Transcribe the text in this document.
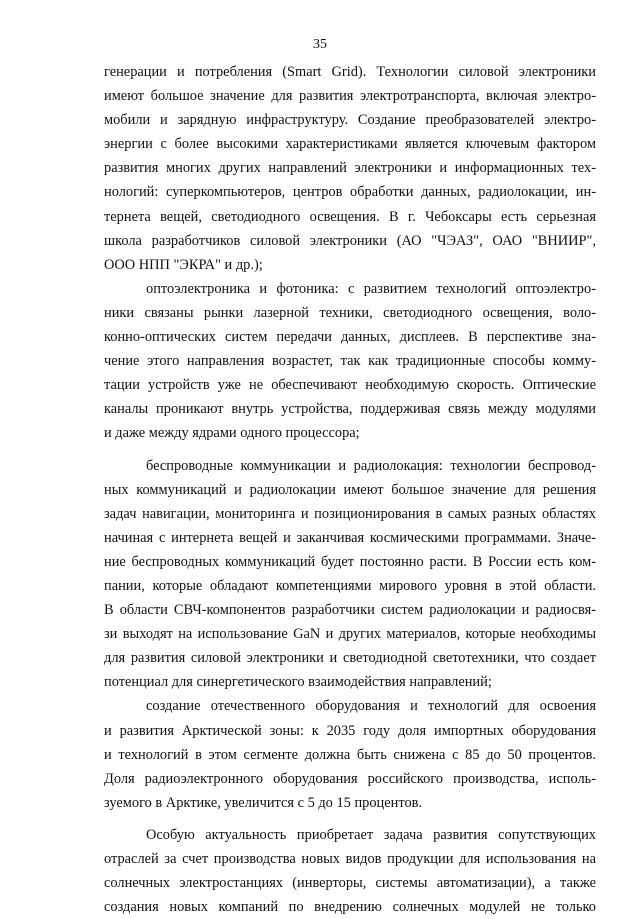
35
генерации и потребления (Smart Grid). Технологии силовой электроники
имеют большое значение для развития электротранспорта, включая электро-
мобили и зарядную инфраструктуру. Создание преобразователей электро-
энергии с более высокими характеристиками является ключевым фактором
развития многих других направлений электроники и информационных тех-
нологий: суперкомпьютеров, центров обработки данных, радиолокации, ин-
тернета вещей, светодиодного освещения. В г. Чебоксары есть серьезная
школа разработчиков силовой электроники (АО "ЧЭАЗ", ОАО "ВНИИР",
ООО НПП "ЭКРА" и др.);
оптоэлектроника и фотоника: с развитием технологий оптоэлектро-
ники связаны рынки лазерной техники, светодиодного освещения, воло-
конно-оптических систем передачи данных, дисплеев. В перспективе зна-
чение этого направления возрастет, так как традиционные способы комму-
тации устройств уже не обеспечивают необходимую скорость. Оптические
каналы проникают внутрь устройства, поддерживая связь между модулями
и даже между ядрами одного процессора;
беспроводные коммуникации и радиолокация: технологии беспровод-
ных коммуникаций и радиолокации имеют большое значение для решения
задач навигации, мониторинга и позиционирования в самых разных областях
начиная с интернета вещей и заканчивая космическими программами. Значе-
ние беспроводных коммуникаций будет постоянно расти. В России есть ком-
пании, которые обладают компетенциями мирового уровня в этой области.
В области СВЧ-компонентов разработчики систем радиолокации и радиосвя-
зи выходят на использование GaN и других материалов, которые необходимы
для развития силовой электроники и светодиодной светотехники, что создает
потенциал для синергетического взаимодействия направлений;
создание отечественного оборудования и технологий для освоения
и развития Арктической зоны: к 2035 году доля импортных оборудования
и технологий в этом сегменте должна быть снижена с 85 до 50 процентов.
Доля радиоэлектронного оборудования российского производства, исполь-
зуемого в Арктике, увеличится с 5 до 15 процентов.
Особую актуальность приобретает задача развития сопутствующих
отраслей за счет производства новых видов продукции для использования на
солнечных электростанциях (инверторы, системы автоматизации), а также
создания новых компаний по внедрению солнечных модулей не только
